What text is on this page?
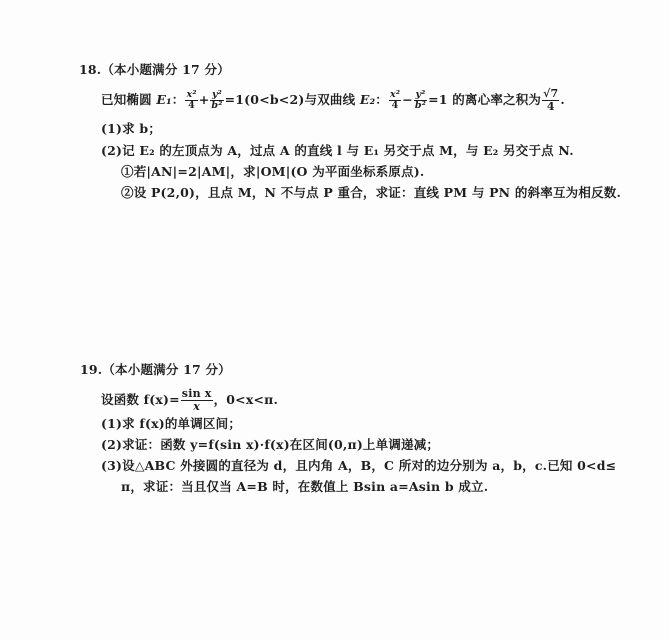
18.（本小题满分 17 分）
已知椭圆 E₁： $\frac{\text{x²}}{4} + \frac{\text{y²}}{\text{b²}} =1(0<b<2)$与双曲线 E₂： $\frac{\text{x²}}{4} - \frac{\text{y²}}{\text{b²}} =1$ 的离心率之积为 $\frac{√7}{4}$ .
(1)求 b；
(2)记 E₂ 的左顶点为 A，过点 A 的直线 l 与 E₁ 另交于点 M，与 E₂ 另交于点 N.
①若|AN|=2|AM|，求|OM|(O 为平面坐标系原点).
②设 P(2,0)，且点 M，N 不与点 P 重合，求证：直线 PM 与 PN 的斜率互为相反数.
19.（本小题满分 17 分）
设函数 $f(x)= \frac{\text{sin x}}{x}$ ，0<x<π.
(1)求 f(x)的单调区间；
(2)求证：函数 y=f(sin x)·f(x)在区间(0,π)上单调递减；
(3)设△ABC 外接圆的直径为 d，且内角 A，B，C 所对的边分别为 a，b，c.已知 0<d≤
π，求证：当且仅当 A=B 时，在数值上 Bsin a=Asin b 成立.
